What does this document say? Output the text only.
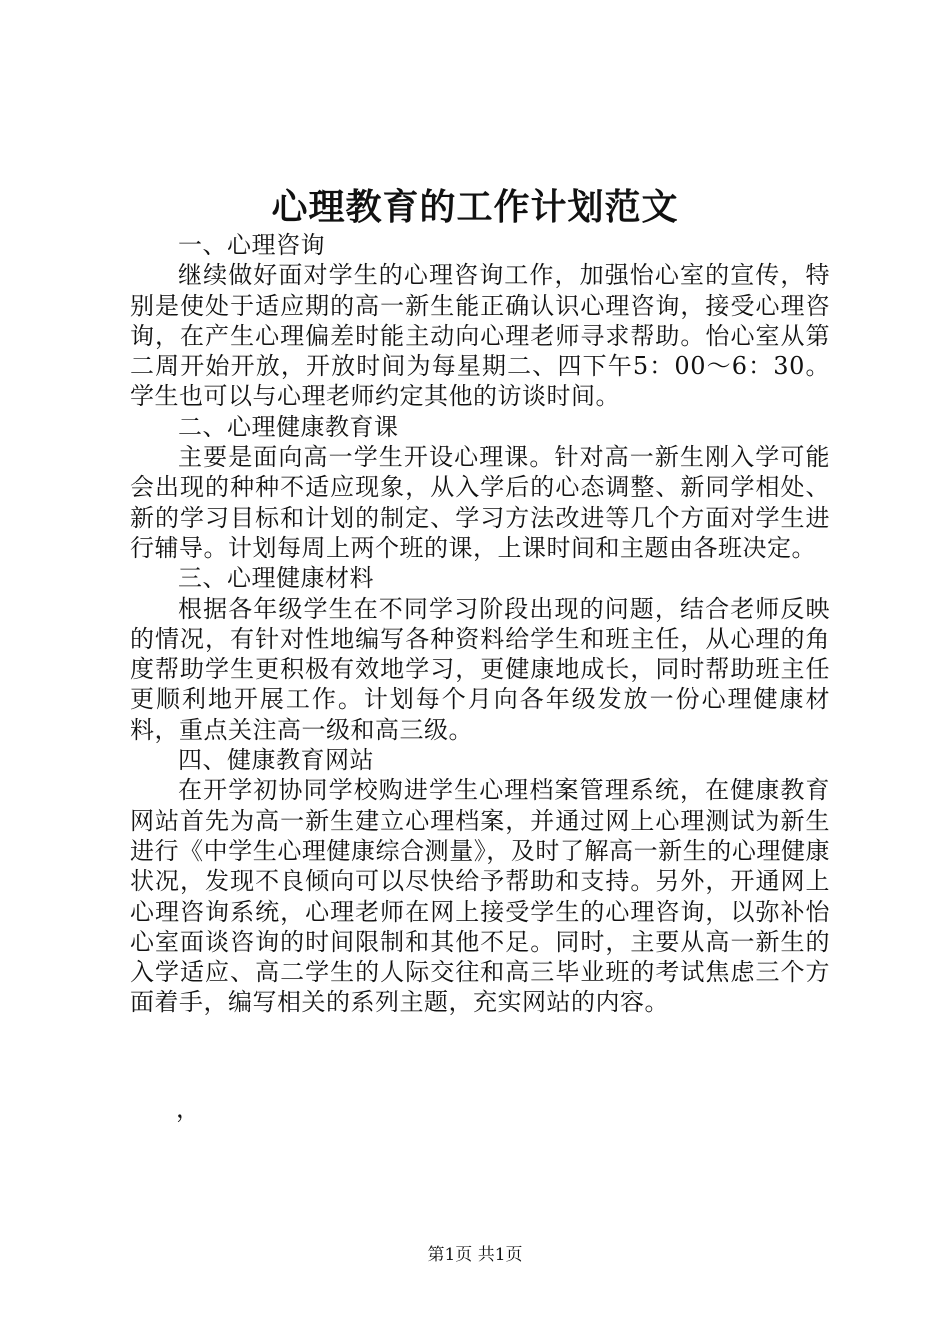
心理教育的工作计划范文

一、心理咨询

继续做好面对学生的心理咨询工作，加强怡心室的宣传，特别是使处于适应期的高一新生能正确认识心理咨询，接受心理咨询，在产生心理偏差时能主动向心理老师寻求帮助。怡心室从第二周开始开放，开放时间为每星期二、四下午5：00～6：30。学生也可以与心理老师约定其他的访谈时间。

二、心理健康教育课

主要是面向高一学生开设心理课。针对高一新生刚入学可能会出现的种种不适应现象，从入学后的心态调整、新同学相处、新的学习目标和计划的制定、学习方法改进等几个方面对学生进行辅导。计划每周上两个班的课，上课时间和主题由各班决定。

三、心理健康材料

根据各年级学生在不同学习阶段出现的问题，结合老师反映的情况，有针对性地编写各种资料给学生和班主任，从心理的角度帮助学生更积极有效地学习，更健康地成长，同时帮助班主任更顺利地开展工作。计划每个月向各年级发放一份心理健康材料，重点关注高一级和高三级。

四、健康教育网站

在开学初协同学校购进学生心理档案管理系统，在健康教育网站首先为高一新生建立心理档案，并通过网上心理测试为新生进行《中学生心理健康综合测量》，及时了解高一新生的心理健康状况，发现不良倾向可以尽快给予帮助和支持。另外，开通网上心理咨询系统，心理老师在网上接受学生的心理咨询，以弥补怡心室面谈咨询的时间限制和其他不足。同时，主要从高一新生的入学适应、高二学生的人际交往和高三毕业班的考试焦虑三个方面着手，编写相关的系列主题，充实网站的内容。

，
第1页 共1页
